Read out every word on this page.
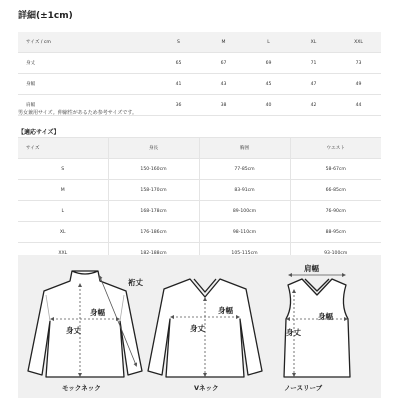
詳細(±1cm)
サイズ / cm	S	M	L	XL	XXL
身丈	65	67	69	71	73
身幅	41	43	45	47	49
肩幅	36	38	40	42	44
男女兼用サイズ。伸縮性があるため参考サイズです。
【適応サイズ】
サイズ	身長	胸囲	ウエスト
S	150-160cm	77-85cm	58-67cm
M	158-170cm	83-91cm	66-85cm
L	168-178cm	89-100cm	76-90cm
XL	176-186cm	98-110cm	88-95cm
XXL	182-188cm	105-115cm	93-100cm
裄丈
身幅
身丈
モックネック
身幅
身丈
Vネック
肩幅
身幅
身丈
ノースリーブ
